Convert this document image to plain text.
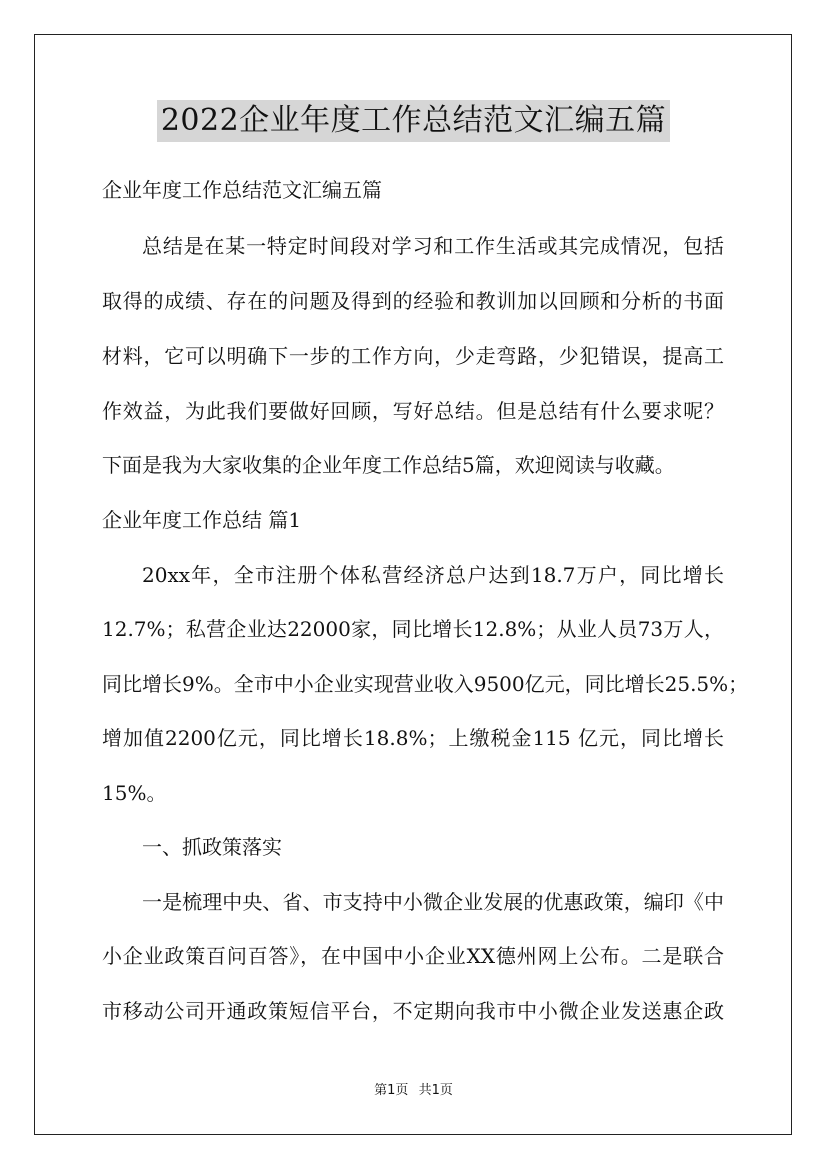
2022企业年度工作总结范文汇编五篇
企业年度工作总结范文汇编五篇
总结是在某一特定时间段对学习和工作生活或其完成情况，包括
取得的成绩、存在的问题及得到的经验和教训加以回顾和分析的书面
材料，它可以明确下一步的工作方向，少走弯路，少犯错误，提高工
作效益，为此我们要做好回顾，写好总结。但是总结有什么要求呢？
下面是我为大家收集的企业年度工作总结5篇，欢迎阅读与收藏。
企业年度工作总结 篇1
20xx年，全市注册个体私营经济总户达到18.7万户，同比增长
12.7%；私营企业达22000家，同比增长12.8%；从业人员73万人，
同比增长9%。全市中小企业实现营业收入9500亿元，同比增长25.5%；
增加值2200亿元，同比增长18.8%；上缴税金115 亿元，同比增长
15%。
一、抓政策落实
一是梳理中央、省、市支持中小微企业发展的优惠政策，编印《中
小企业政策百问百答》，在中国中小企业XX德州网上公布。二是联合
市移动公司开通政策短信平台，不定期向我市中小微企业发送惠企政
第1页 共1页
